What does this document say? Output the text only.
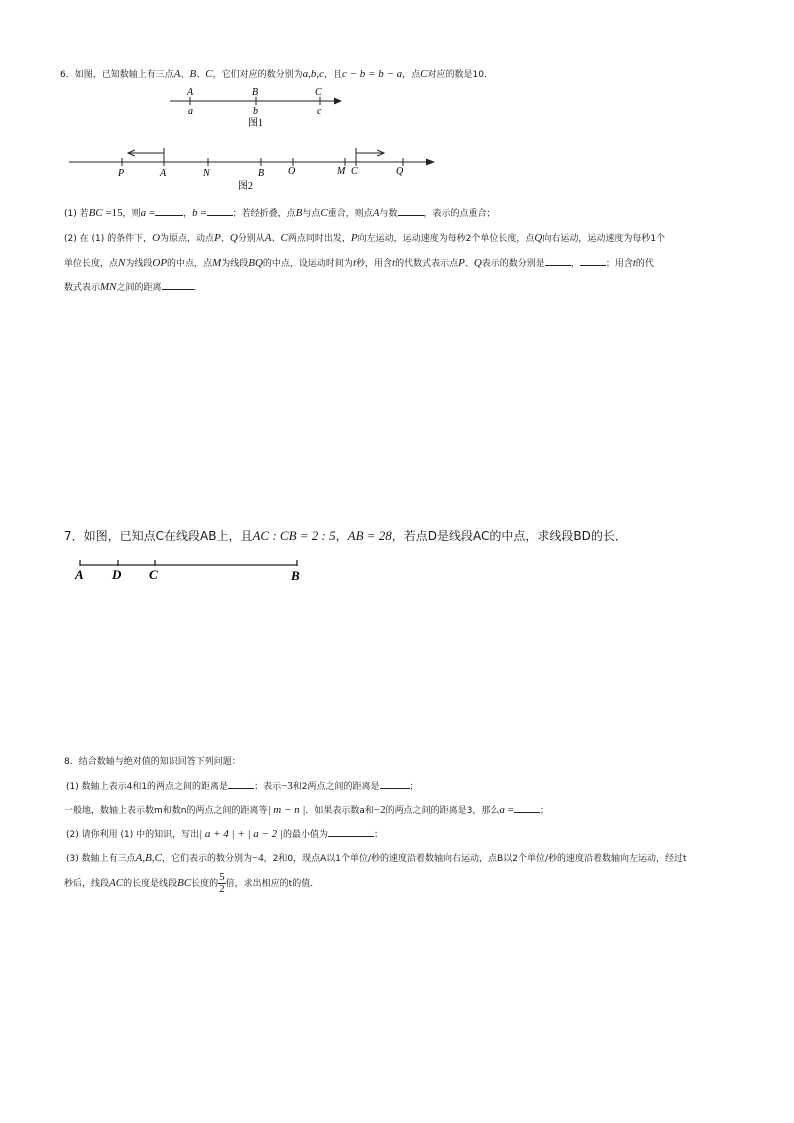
6．如图，已知数轴上有三点A、B、C，它们对应的数分别为a,b,c，且c − b = b − a，点C对应的数是10．
A	B	C
a	b	c
图1
P	A	N	B O	M C	Q
图2
(1) 若BC =15，则a =	，b =	；若经折叠，点B与点C重合，则点A与数	，表示的点重合；
(2) 在 (1) 的条件下，O为原点，动点P、Q分别从A、C两点同时出发，P向左运动，运动速度为每秒2个单位长度，点Q向右运动，运动速度为每秒1个
单位长度，点N为线段OP的中点，点M为线段BQ的中点，设运动时间为t秒，用含t的代数式表示点P、Q表示的数分别是	，	；用含t的代
数式表示MN之间的距离	．
7．如图，已知点C在线段AB上，且AC : CB = 2 : 5，AB = 28，若点D是线段AC的中点，求线段BD的长．
A D C	B
8．结合数轴与绝对值的知识回答下列问题：
(1) 数轴上表示4和1的两点之间的距离是	；表示−3和2两点之间的距离是	；
一般地，数轴上表示数m和数n的两点之间的距离等| m − n |．如果表示数a和−2的两点之间的距离是3，那么a =	；
(2) 请你利用 (1) 中的知识，写出| a + 4 | + | a − 2 |的最小值为	；
(3) 数轴上有三点A,B,C，它们表示的数分别为−4，2和0，现点A以1个单位/秒的速度沿着数轴向右运动，点B以2个单位/秒的速度沿着数轴向左运动，经过t
秒后，线段AC的长度是线段BC长度的 $\frac{5}{2}$ 倍，求出相应的t的值．
